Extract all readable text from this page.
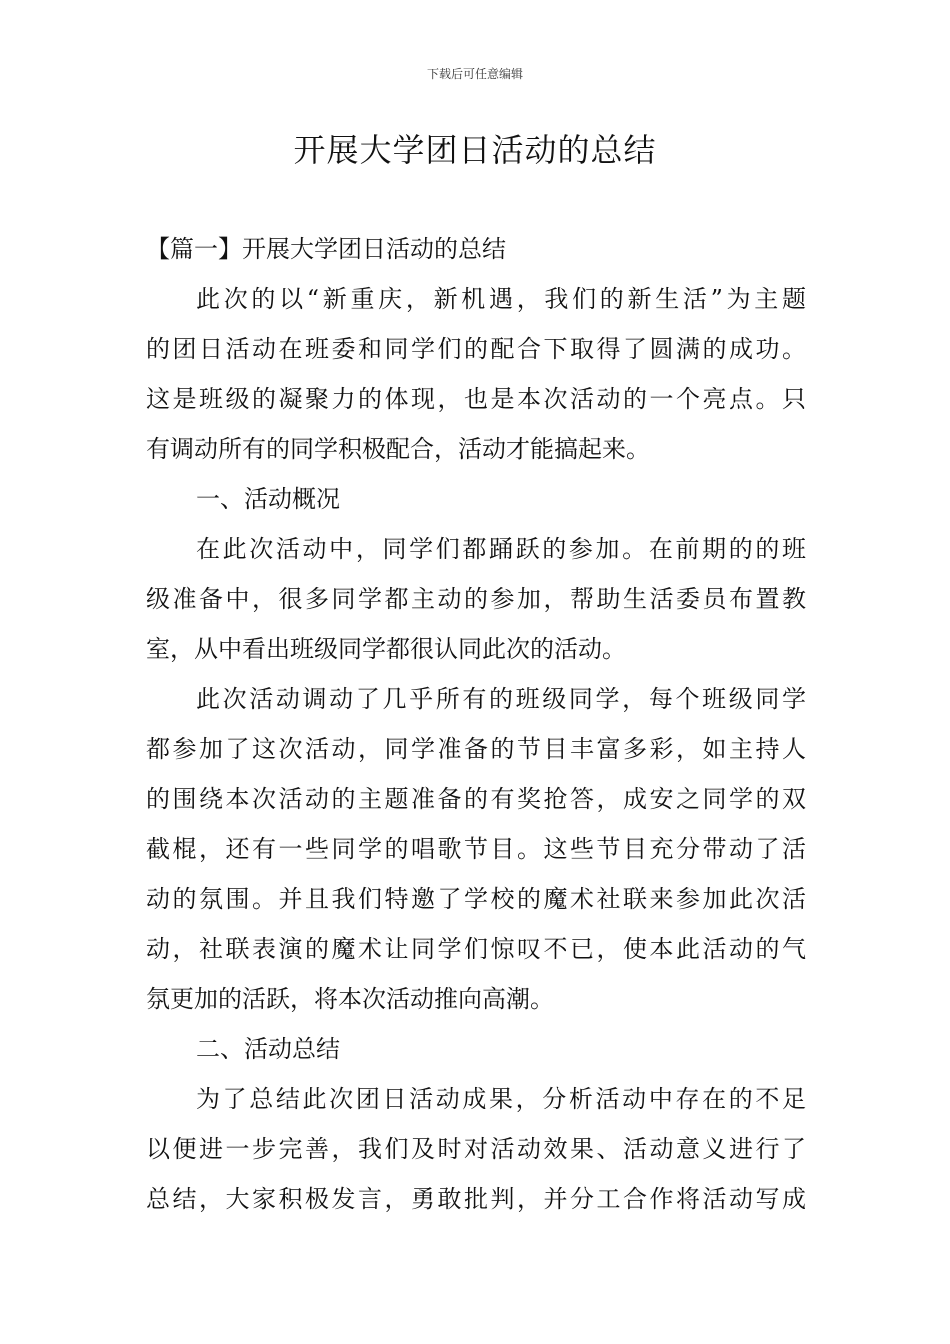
下载后可任意编辑
开展大学团日活动的总结
【篇一】开展大学团日活动的总结
此次的以“新重庆，新机遇，我们的新生活”为主题
的团日活动在班委和同学们的配合下取得了圆满的成功。
这是班级的凝聚力的体现，也是本次活动的一个亮点。只
有调动所有的同学积极配合，活动才能搞起来。
一、活动概况
在此次活动中，同学们都踊跃的参加。在前期的的班
级准备中，很多同学都主动的参加，帮助生活委员布置教
室，从中看出班级同学都很认同此次的活动。
此次活动调动了几乎所有的班级同学，每个班级同学
都参加了这次活动，同学准备的节目丰富多彩，如主持人
的围绕本次活动的主题准备的有奖抢答，成安之同学的双
截棍，还有一些同学的唱歌节目。这些节目充分带动了活
动的氛围。并且我们特邀了学校的魔术社联来参加此次活
动，社联表演的魔术让同学们惊叹不已，使本此活动的气
氛更加的活跃，将本次活动推向高潮。
二、活动总结
为了总结此次团日活动成果，分析活动中存在的不足
以便进一步完善，我们及时对活动效果、活动意义进行了
总结，大家积极发言，勇敢批判，并分工合作将活动写成
